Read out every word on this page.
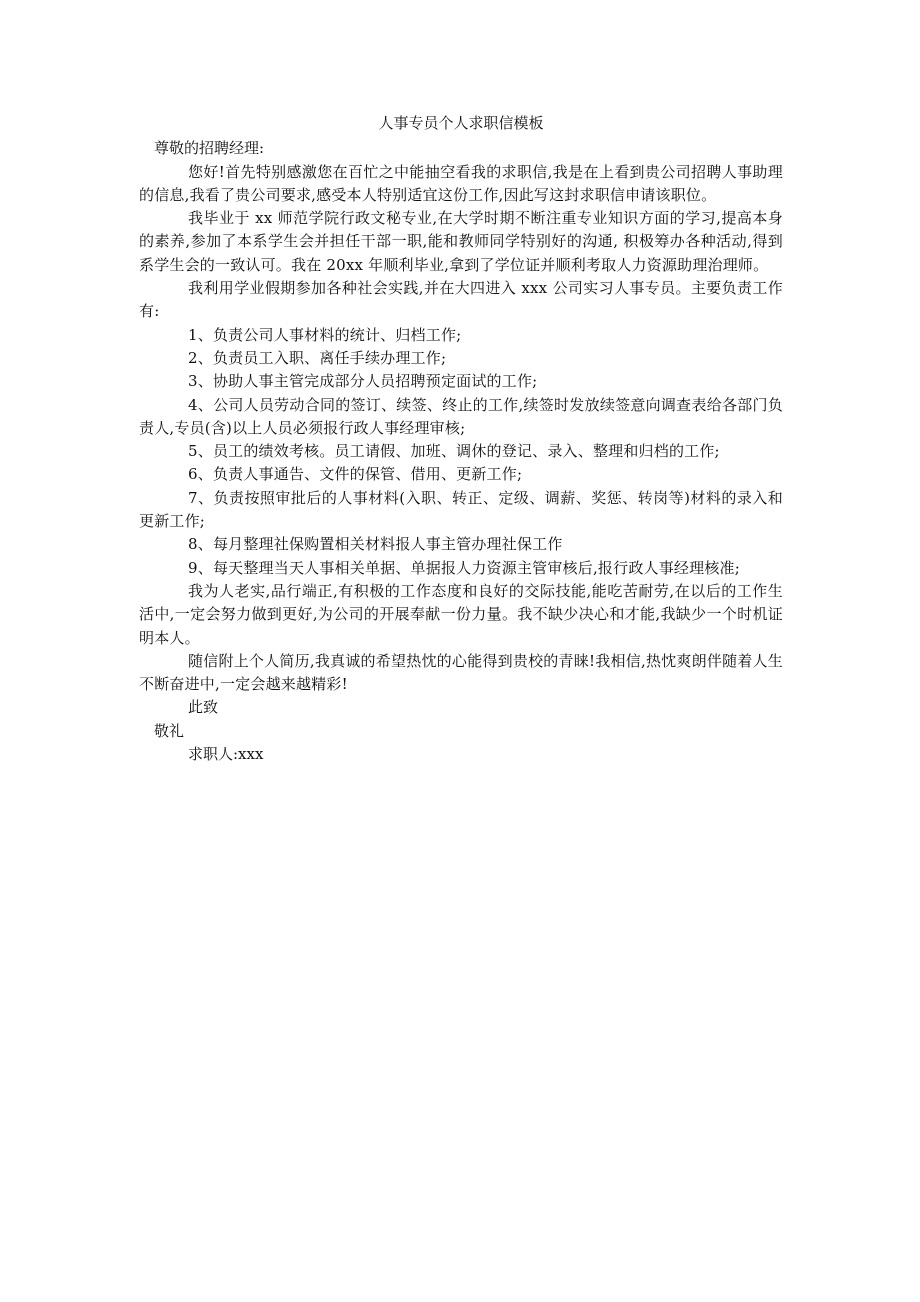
人事专员个人求职信模板

尊敬的招聘经理:

您好!首先特别感激您在百忙之中能抽空看我的求职信,我是在上看到贵公司招聘人事助理的信息,我看了贵公司要求,感受本人特别适宜这份工作,因此写这封求职信申请该职位。

我毕业于 xx 师范学院行政文秘专业,在大学时期不断注重专业知识方面的学习,提高本身的素养,参加了本系学生会并担任干部一职,能和教师同学特别好的沟通, 积极筹办各种活动,得到系学生会的一致认可。我在 20xx 年顺利毕业,拿到了学位证并顺利考取人力资源助理治理师。

我利用学业假期参加各种社会实践,并在大四进入 xxx 公司实习人事专员。主要负责工作有:

1、负责公司人事材料的统计、归档工作;

2、负责员工入职、离任手续办理工作;

3、协助人事主管完成部分人员招聘预定面试的工作;

4、公司人员劳动合同的签订、续签、终止的工作,续签时发放续签意向调查表给各部门负责人,专员(含)以上人员必须报行政人事经理审核;

5、员工的绩效考核。员工请假、加班、调休的登记、录入、整理和归档的工作;

6、负责人事通告、文件的保管、借用、更新工作;

7、负责按照审批后的人事材料(入职、转正、定级、调薪、奖惩、转岗等)材料的录入和更新工作;

8、每月整理社保购置相关材料报人事主管办理社保工作

9、每天整理当天人事相关单据、单据报人力资源主管审核后,报行政人事经理核准;

我为人老实,品行端正,有积极的工作态度和良好的交际技能,能吃苦耐劳,在以后的工作生活中,一定会努力做到更好,为公司的开展奉献一份力量。我不缺少决心和才能,我缺少一个时机证明本人。

随信附上个人简历,我真诚的希望热忱的心能得到贵校的青睐!我相信,热忱爽朗伴随着人生不断奋进中,一定会越来越精彩!

此致

敬礼

求职人:xxx
